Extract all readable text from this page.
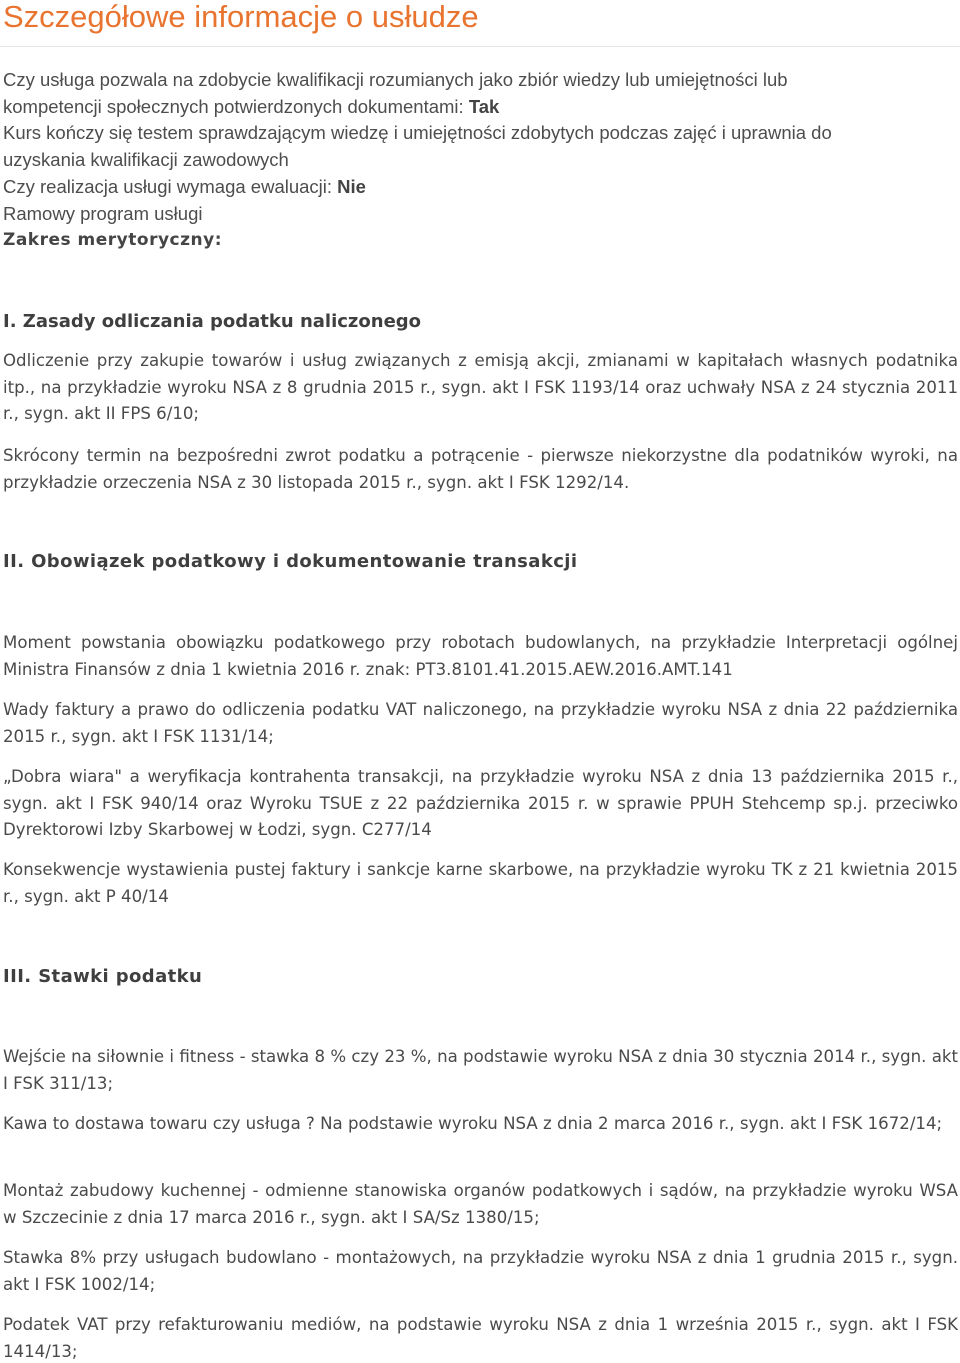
Szczegółowe informacje o usłudze
Czy usługa pozwala na zdobycie kwalifikacji rozumianych jako zbiór wiedzy lub umiejętności lub
kompetencji społecznych potwierdzonych dokumentami: Tak
Kurs kończy się testem sprawdzającym wiedzę i umiejętności zdobytych podczas zajęć i uprawnia do
uzyskania kwalifikacji zawodowych
Czy realizacja usługi wymaga ewaluacji: Nie
Ramowy program usługi
Zakres merytoryczny:
I. Zasady odliczania podatku naliczonego
Odliczenie przy zakupie towarów i usług związanych z emisją akcji, zmianami w kapitałach własnych podatnika itp., na przykładzie wyroku NSA z 8 grudnia 2015 r., sygn. akt I FSK 1193/14 oraz uchwały NSA z 24 stycznia 2011 r., sygn. akt II FPS 6/10;
Skrócony termin na bezpośredni zwrot podatku a potrącenie - pierwsze niekorzystne dla podatników wyroki, na przykładzie orzeczenia NSA z 30 listopada 2015 r., sygn. akt I FSK 1292/14.
II. Obowiązek podatkowy i dokumentowanie transakcji
Moment powstania obowiązku podatkowego przy robotach budowlanych, na przykładzie Interpretacji ogólnej Ministra Finansów z dnia 1 kwietnia 2016 r. znak: PT3.8101.41.2015.AEW.2016.AMT.141
Wady faktury a prawo do odliczenia podatku VAT naliczonego, na przykładzie wyroku NSA z dnia 22 października 2015 r., sygn. akt I FSK 1131/14;
„Dobra wiara" a weryfikacja kontrahenta transakcji, na przykładzie wyroku NSA z dnia 13 października 2015 r., sygn. akt I FSK 940/14 oraz Wyroku TSUE z 22 października 2015 r. w sprawie PPUH Stehcemp sp.j. przeciwko Dyrektorowi Izby Skarbowej w Łodzi, sygn. C277/14
Konsekwencje wystawienia pustej faktury i sankcje karne skarbowe, na przykładzie wyroku TK z 21 kwietnia 2015 r., sygn. akt P 40/14
III. Stawki podatku
Wejście na siłownie i fitness - stawka 8 % czy 23 %, na podstawie wyroku NSA z dnia 30 stycznia 2014 r., sygn. akt I FSK 311/13;
Kawa to dostawa towaru czy usługa ? Na podstawie wyroku NSA z dnia 2 marca 2016 r., sygn. akt I FSK 1672/14;
Montaż zabudowy kuchennej - odmienne stanowiska organów podatkowych i sądów, na przykładzie wyroku WSA w Szczecinie z dnia 17 marca 2016 r., sygn. akt I SA/Sz 1380/15;
Stawka 8% przy usługach budowlano - montażowych, na przykładzie wyroku NSA z dnia 1 grudnia 2015 r., sygn. akt I FSK 1002/14;
Podatek VAT przy refakturowaniu mediów, na podstawie wyroku NSA z dnia 1 września 2015 r., sygn. akt I FSK 1414/13;
